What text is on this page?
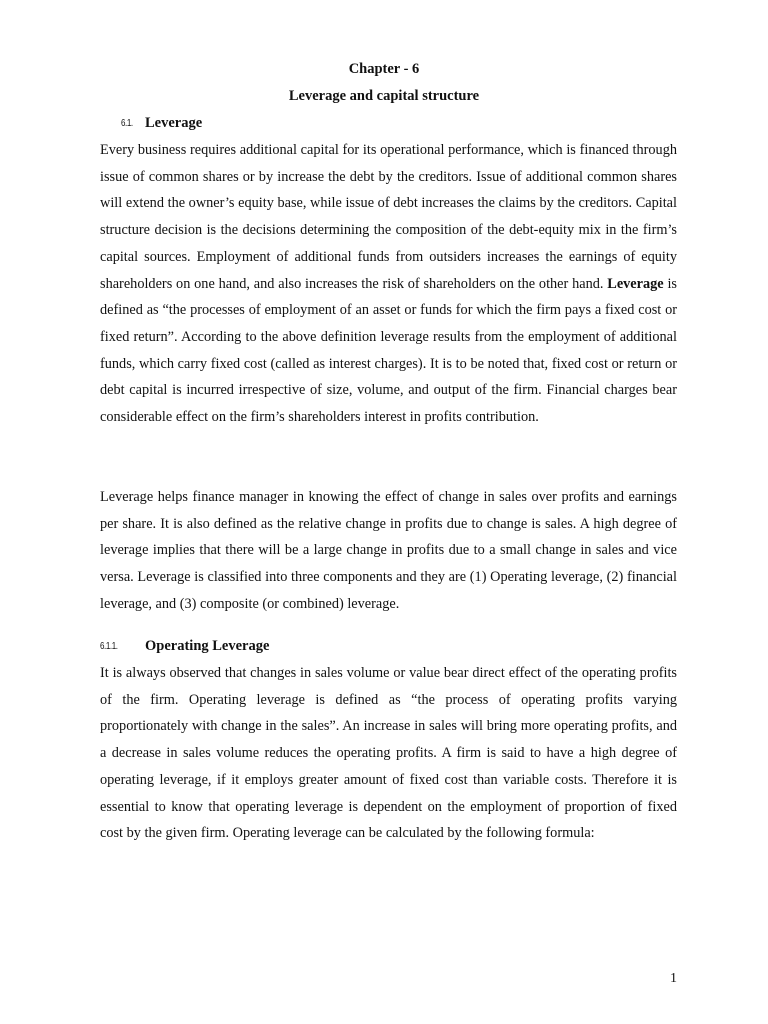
Chapter - 6
Leverage and capital structure
6.1. Leverage

Every business requires additional capital for its operational performance, which is financed through issue of common shares or by increase the debt by the creditors. Issue of additional common shares will extend the owner’s equity base, while issue of debt increases the claims by the creditors. Capital structure decision is the decisions determining the composition of the debt-equity mix in the firm’s capital sources. Employment of additional funds from outsiders increases the earnings of equity shareholders on one hand, and also increases the risk of shareholders on the other hand. Leverage is defined as “the processes of employment of an asset or funds for which the firm pays a fixed cost or fixed return”. According to the above definition leverage results from the employment of additional funds, which carry fixed cost (called as interest charges). It is to be noted that, fixed cost or return or debt capital is incurred irrespective of size, volume, and output of the firm. Financial charges bear considerable effect on the firm’s shareholders interest in profits contribution.

Leverage helps finance manager in knowing the effect of change in sales over profits and earnings per share. It is also defined as the relative change in profits due to change is sales. A high degree of leverage implies that there will be a large change in profits due to a small change in sales and vice versa. Leverage is classified into three components and they are (1) Operating leverage, (2) financial leverage, and (3) composite (or combined) leverage.

6.1.1. Operating Leverage

It is always observed that changes in sales volume or value bear direct effect of the operating profits of the firm. Operating leverage is defined as “the process of operating profits varying proportionately with change in the sales”. An increase in sales will bring more operating profits, and a decrease in sales volume reduces the operating profits. A firm is said to have a high degree of operating leverage, if it employs greater amount of fixed cost than variable costs. Therefore it is essential to know that operating leverage is dependent on the employment of proportion of fixed cost by the given firm. Operating leverage can be calculated by the following formula:

1
